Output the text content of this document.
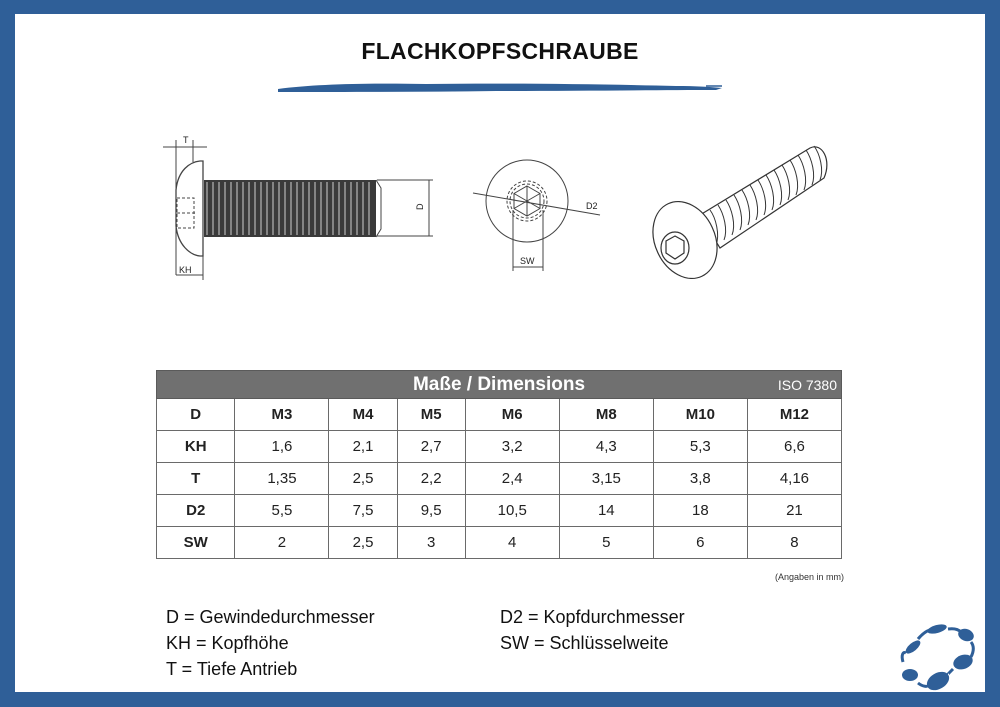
FLACHKOPFSCHRAUBE
T
KH
D	D2
SW
Maße / Dimensions ISO 7380							

D	M3	M4	M5	M6	M8	M10	M12
KH	1,6	2,1	2,7	3,2	4,3	5,3	6,6
T	1,35	2,5	2,2	2,4	3,15	3,8	4,16
D2	5,5	7,5	9,5	10,5	14	18	21
SW	2	2,5	3	4	5	6	8
(Angaben in mm)
D = Gewindedurchmesser
KH = Kopfhöhe
T = Tiefe Antrieb
D2 = Kopfdurchmesser
SW = Schlüsselweite
